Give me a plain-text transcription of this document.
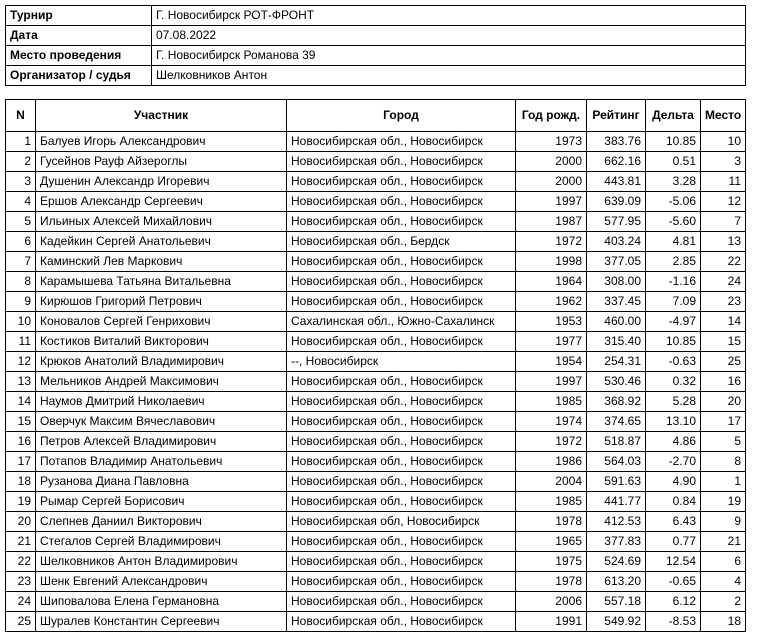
Турнир	Г. Новосибирск РОТ-ФРОНТ
Дата	07.08.2022
Место проведения	Г. Новосибирск Романова 39
Организатор / судья	Шелковников Антон
N	Участник	Город	Год рожд.	Рейтинг	Дельта	Место
1	Балуев Игорь Александрович	Новосибирская обл., Новосибирск	1973	383.76	10.85	10
2	Гусейнов Рауф Айзероглы	Новосибирская обл., Новосибирск	2000	662.16	0.51	3
3	Душенин Александр Игоревич	Новосибирская обл., Новосибирск	2000	443.81	3.28	11
4	Ершов Александр Сергеевич	Новосибирская обл., Новосибирск	1997	639.09	-5.06	12
5	Ильиных Алексей Михайлович	Новосибирская обл., Новосибирск	1987	577.95	-5.60	7
6	Кадейкин Сергей Анатольевич	Новосибирская обл., Бердск	1972	403.24	4.81	13
7	Каминский Лев Маркович	Новосибирская обл., Новосибирск	1998	377.05	2.85	22
8	Карамышева Татьяна Витальевна	Новосибирская обл., Новосибирск	1964	308.00	-1.16	24
9	Кирюшов Григорий Петрович	Новосибирская обл., Новосибирск	1962	337.45	7.09	23
10	Коновалов Сергей Генрихович	Сахалинская обл., Южно-Сахалинск	1953	460.00	-4.97	14
11	Костиков Виталий Викторович	Новосибирская обл., Новосибирск	1977	315.40	10.85	15
12	Крюков Анатолий Владимирович	--, Новосибирск	1954	254.31	-0.63	25
13	Мельников Андрей Максимович	Новосибирская обл., Новосибирск	1997	530.46	0.32	16
14	Наумов Дмитрий Николаевич	Новосибирская обл., Новосибирск	1985	368.92	5.28	20
15	Оверчук Максим Вячеславович	Новосибирская обл., Новосибирск	1974	374.65	13.10	17
16	Петров Алексей Владимирович	Новосибирская обл., Новосибирск	1972	518.87	4.86	5
17	Потапов Владимир Анатольевич	Новосибирская обл., Новосибирск	1986	564.03	-2.70	8
18	Рузанова Диана Павловна	Новосибирская обл., Новосибирск	2004	591.63	4.90	1
19	Рымар Сергей Борисович	Новосибирская обл., Новосибирск	1985	441.77	0.84	19
20	Слепнев Даниил Викторович	Новосибирская обл, Новосибирск	1978	412.53	6.43	9
21	Стегалов Сергей Владимирович	Новосибирская обл., Новосибирск	1965	377.83	0.77	21
22	Шелковников Антон Владимирович	Новосибирская обл., Новосибирск	1975	524.69	12.54	6
23	Шенк Евгений Александрович	Новосибирская обл., Новосибирск	1978	613.20	-0.65	4
24	Шиповалова Елена Германовна	Новосибирская обл., Новосибирск	2006	557.18	6.12	2
25	Шуралев Константин Сергеевич	Новосибирская обл., Новосибирск	1991	549.92	-8.53	18
